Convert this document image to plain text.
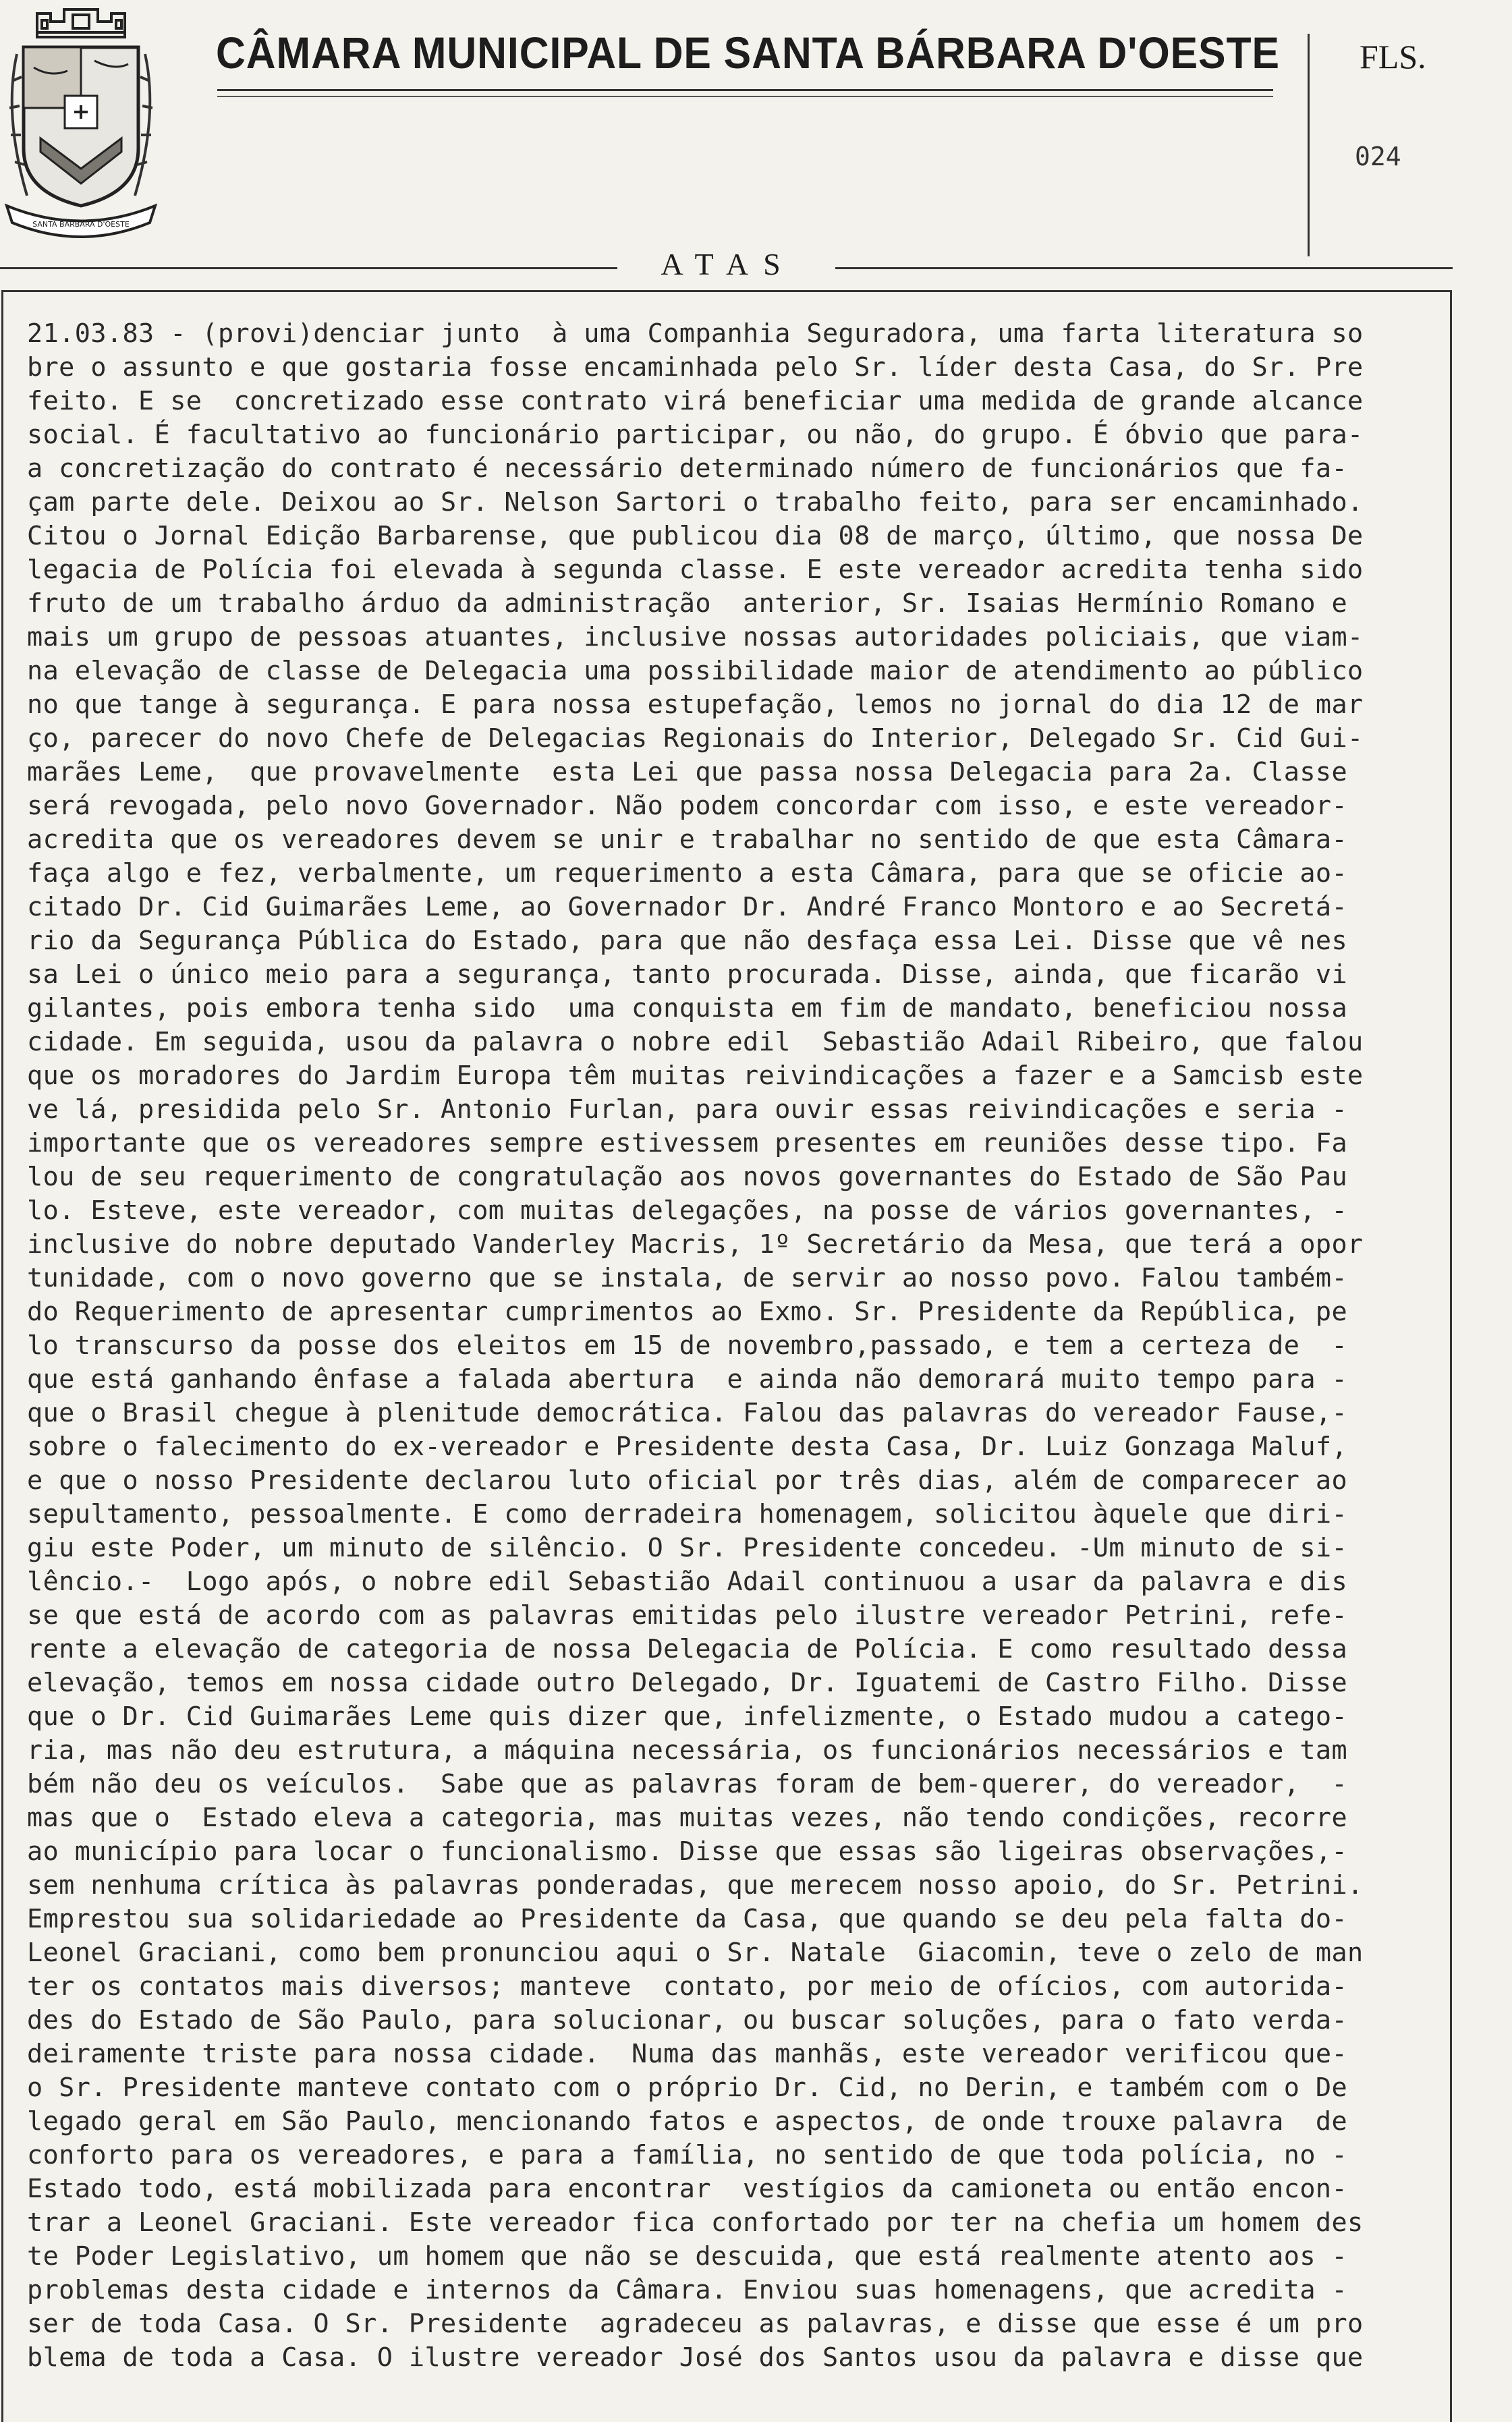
SANTA BÁRBARA D'OESTE
CÂMARA MUNICIPAL DE SANTA BÁRBARA D'OESTE FLS.
024
ATAS
21.03.83 - (provi)denciar junto  à uma Companhia Seguradora, uma farta literatura so
bre o assunto e que gostaria fosse encaminhada pelo Sr. líder desta Casa, do Sr. Pre
feito. E se  concretizado esse contrato virá beneficiar uma medida de grande alcance
social. É facultativo ao funcionário participar, ou não, do grupo. É óbvio que para-
a concretização do contrato é necessário determinado número de funcionários que fa-
çam parte dele. Deixou ao Sr. Nelson Sartori o trabalho feito, para ser encaminhado.
Citou o Jornal Edição Barbarense, que publicou dia 08 de março, último, que nossa De
legacia de Polícia foi elevada à segunda classe. E este vereador acredita tenha sido
fruto de um trabalho árduo da administração  anterior, Sr. Isaias Hermínio Romano e
mais um grupo de pessoas atuantes, inclusive nossas autoridades policiais, que viam-
na elevação de classe de Delegacia uma possibilidade maior de atendimento ao público
no que tange à segurança. E para nossa estupefação, lemos no jornal do dia 12 de mar
ço, parecer do novo Chefe de Delegacias Regionais do Interior, Delegado Sr. Cid Gui-
marães Leme,  que provavelmente  esta Lei que passa nossa Delegacia para 2a. Classe
será revogada, pelo novo Governador. Não podem concordar com isso, e este vereador-
acredita que os vereadores devem se unir e trabalhar no sentido de que esta Câmara-
faça algo e fez, verbalmente, um requerimento a esta Câmara, para que se oficie ao-
citado Dr. Cid Guimarães Leme, ao Governador Dr. André Franco Montoro e ao Secretá-
rio da Segurança Pública do Estado, para que não desfaça essa Lei. Disse que vê nes
sa Lei o único meio para a segurança, tanto procurada. Disse, ainda, que ficarão vi
gilantes, pois embora tenha sido  uma conquista em fim de mandato, beneficiou nossa
cidade. Em seguida, usou da palavra o nobre edil  Sebastião Adail Ribeiro, que falou
que os moradores do Jardim Europa têm muitas reivindicações a fazer e a Samcisb este
ve lá, presidida pelo Sr. Antonio Furlan, para ouvir essas reivindicações e seria -
importante que os vereadores sempre estivessem presentes em reuniões desse tipo. Fa
lou de seu requerimento de congratulação aos novos governantes do Estado de São Pau
lo. Esteve, este vereador, com muitas delegações, na posse de vários governantes, -
inclusive do nobre deputado Vanderley Macris, 1º Secretário da Mesa, que terá a opor
tunidade, com o novo governo que se instala, de servir ao nosso povo. Falou também-
do Requerimento de apresentar cumprimentos ao Exmo. Sr. Presidente da República, pe
lo transcurso da posse dos eleitos em 15 de novembro,passado, e tem a certeza de  -
que está ganhando ênfase a falada abertura  e ainda não demorará muito tempo para -
que o Brasil chegue à plenitude democrática. Falou das palavras do vereador Fause,-
sobre o falecimento do ex-vereador e Presidente desta Casa, Dr. Luiz Gonzaga Maluf,
e que o nosso Presidente declarou luto oficial por três dias, além de comparecer ao
sepultamento, pessoalmente. E como derradeira homenagem, solicitou àquele que diri-
giu este Poder, um minuto de silêncio. O Sr. Presidente concedeu. -Um minuto de si-
lêncio.-  Logo após, o nobre edil Sebastião Adail continuou a usar da palavra e dis
se que está de acordo com as palavras emitidas pelo ilustre vereador Petrini, refe-
rente a elevação de categoria de nossa Delegacia de Polícia. E como resultado dessa
elevação, temos em nossa cidade outro Delegado, Dr. Iguatemi de Castro Filho. Disse
que o Dr. Cid Guimarães Leme quis dizer que, infelizmente, o Estado mudou a catego-
ria, mas não deu estrutura, a máquina necessária, os funcionários necessários e tam
bém não deu os veículos.  Sabe que as palavras foram de bem-querer, do vereador,  -
mas que o  Estado eleva a categoria, mas muitas vezes, não tendo condições, recorre
ao município para locar o funcionalismo. Disse que essas são ligeiras observações,-
sem nenhuma crítica às palavras ponderadas, que merecem nosso apoio, do Sr. Petrini.
Emprestou sua solidariedade ao Presidente da Casa, que quando se deu pela falta do-
Leonel Graciani, como bem pronunciou aqui o Sr. Natale  Giacomin, teve o zelo de man
ter os contatos mais diversos; manteve  contato, por meio de ofícios, com autorida-
des do Estado de São Paulo, para solucionar, ou buscar soluções, para o fato verda-
deiramente triste para nossa cidade.  Numa das manhãs, este vereador verificou que-
o Sr. Presidente manteve contato com o próprio Dr. Cid, no Derin, e também com o De
legado geral em São Paulo, mencionando fatos e aspectos, de onde trouxe palavra  de
conforto para os vereadores, e para a família, no sentido de que toda polícia, no -
Estado todo, está mobilizada para encontrar  vestígios da camioneta ou então encon-
trar a Leonel Graciani. Este vereador fica confortado por ter na chefia um homem des
te Poder Legislativo, um homem que não se descuida, que está realmente atento aos -
problemas desta cidade e internos da Câmara. Enviou suas homenagens, que acredita -
ser de toda Casa. O Sr. Presidente  agradeceu as palavras, e disse que esse é um pro
blema de toda a Casa. O ilustre vereador José dos Santos usou da palavra e disse que
